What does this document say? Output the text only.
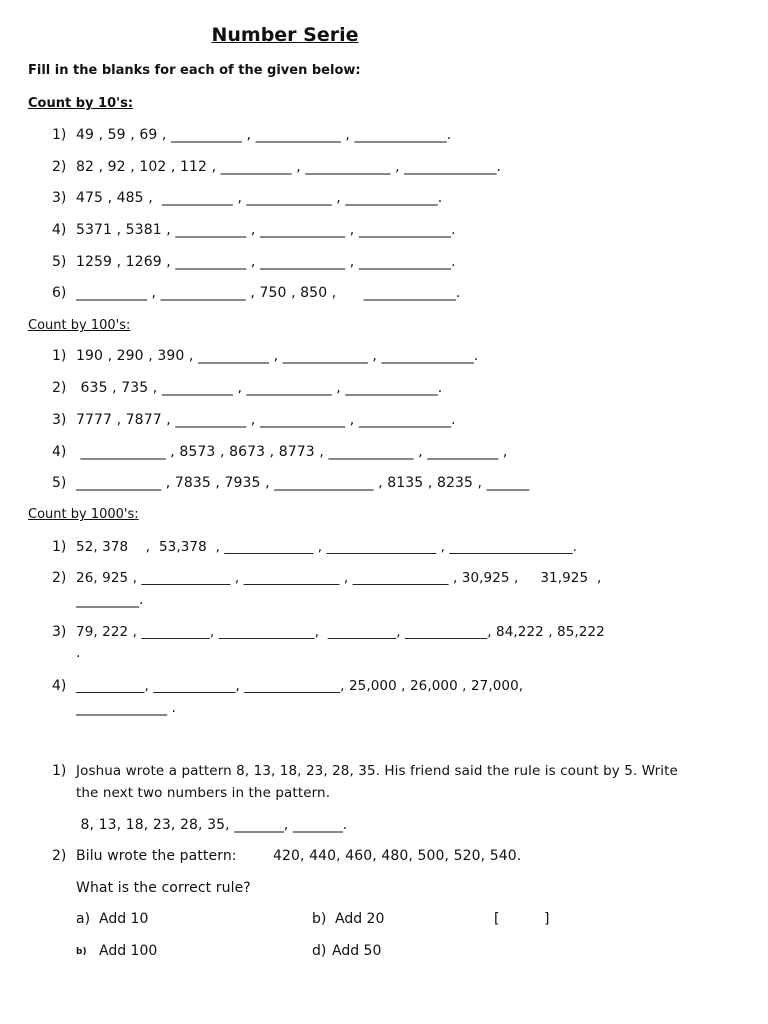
Number Serie
Fill in the blanks for each of the given below:
Count by 10's:
1) 49 , 59 , 69 , __________ , ____________ , _____________.
2) 82 , 92 , 102 , 112 , __________ , ____________ , _____________.
3) 475 , 485 ,  __________ , ____________ , _____________.
4) 5371 , 5381 , __________ , ____________ , _____________.
5) 1259 , 1269 , __________ , ____________ , _____________.
6) __________ , ____________ , 750 , 850 ,      _____________.
Count by 100's:
1) 190 , 290 , 390 , __________ , ____________ , _____________.
2) 635 , 735 , __________ , ____________ , _____________.
3) 7777 , 7877 , __________ , ____________ , _____________.
4) ____________ , 8573 , 8673 , 8773 , ____________ , __________ ,
5) ____________ , 7835 , 7935 , ______________ , 8135 , 8235 , ______
Count by 1000's:
1) 52, 378    ,  53,378  , _____________ , ________________ , __________________.
2) 26, 925 , _____________ , ______________ , ______________ , 30,925 ,     31,925  ,
_________.
3) 79, 222 , __________, ______________,  __________, ____________, 84,222 , 85,222
.
4) __________, ____________, ______________, 25,000 , 26,000 , 27,000,
_____________ .
1) Joshua wrote a pattern 8, 13, 18, 23, 28, 35. His friend said the rule is count by 5. Write
the next two numbers in the pattern.
8, 13, 18, 23, 28, 35, _______, _______.
2) Bilu wrote the pattern:        420, 440, 460, 480, 500, 520, 540.
What is the correct rule?
a) Add 10	b) Add 20	[          ]
b) Add 100	d) Add 50
